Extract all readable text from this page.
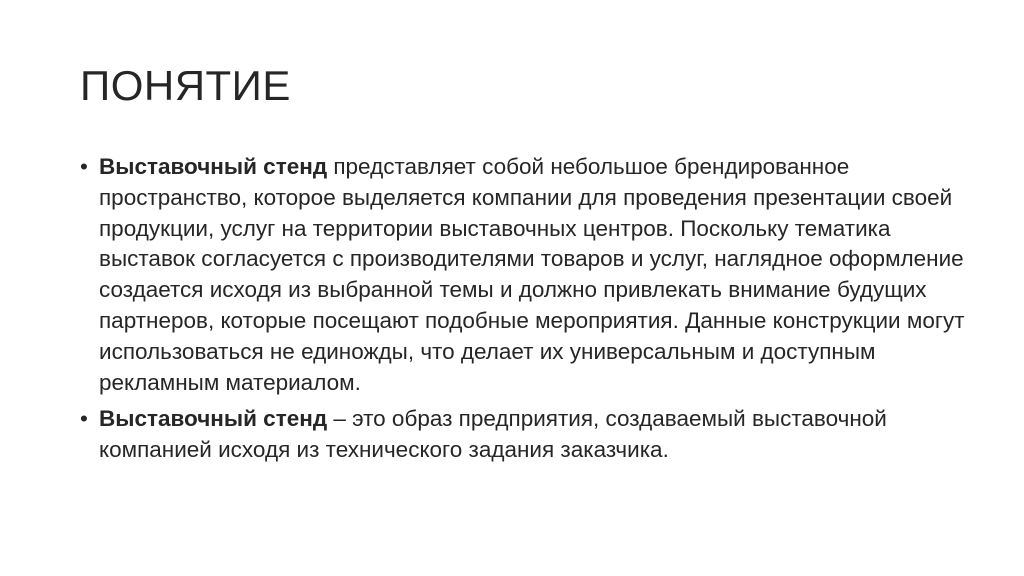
ПОНЯТИЕ
• Выставочный стенд представляет собой небольшое брендированное пространство, которое выделяется компании для проведения презентации своей продукции, услуг на территории выставочных центров. Поскольку тематика выставок согласуется с производителями товаров и услуг, наглядное оформление создается исходя из выбранной темы и должно привлекать внимание будущих партнеров, которые посещают подобные мероприятия. Данные конструкции могут использоваться не единожды, что делает их универсальным и доступным рекламным материалом.
• Выставочный стенд – это образ предприятия, создаваемый выставочной компанией исходя из технического задания заказчика.
